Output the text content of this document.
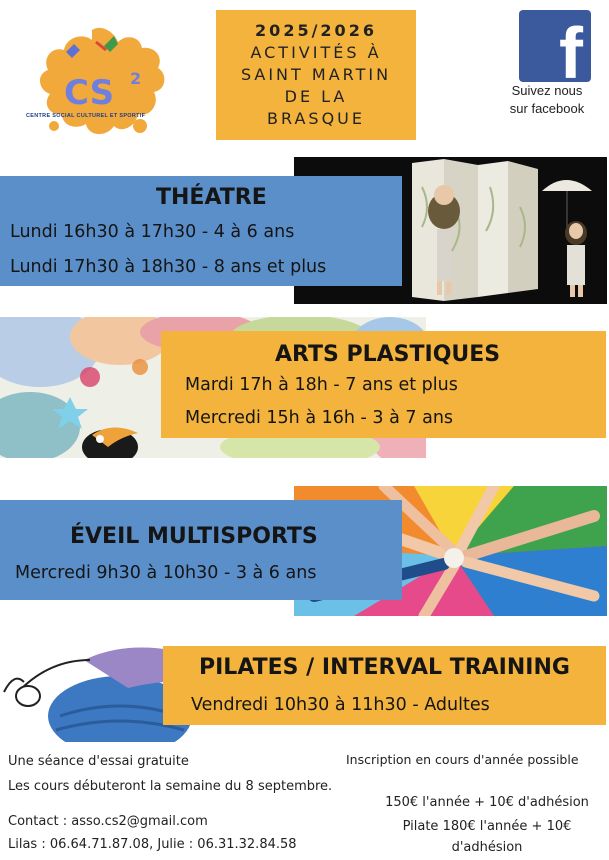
CS 2
CENTRE SOCIAL CULTUREL ET SPORTIF
2025/2026
ACTIVITÉS À
SAINT MARTIN
DE LA
BRASQUE
f
Suivez nous
sur facebook
THÉATRE
Lundi 16h30 à 17h30 - 4 à 6 ans
Lundi 17h30 à 18h30 - 8 ans et plus
ARTS PLASTIQUES
Mardi 17h à 18h - 7 ans et plus
Mercredi 15h à 16h - 3 à 7 ans
ÉVEIL MULTISPORTS
Mercredi 9h30 à 10h30 - 3 à 6 ans
PILATES / INTERVAL TRAINING
Vendredi 10h30 à 11h30 - Adultes
Une séance d'essai gratuite
Les cours débuteront la semaine du 8 septembre.
Contact : asso.cs2@gmail.com
Lilas : 06.64.71.87.08, Julie : 06.31.32.84.58
Inscription en cours d'année possible
150€ l'année + 10€ d'adhésion
Pilate 180€ l'année + 10€
d'adhésion
